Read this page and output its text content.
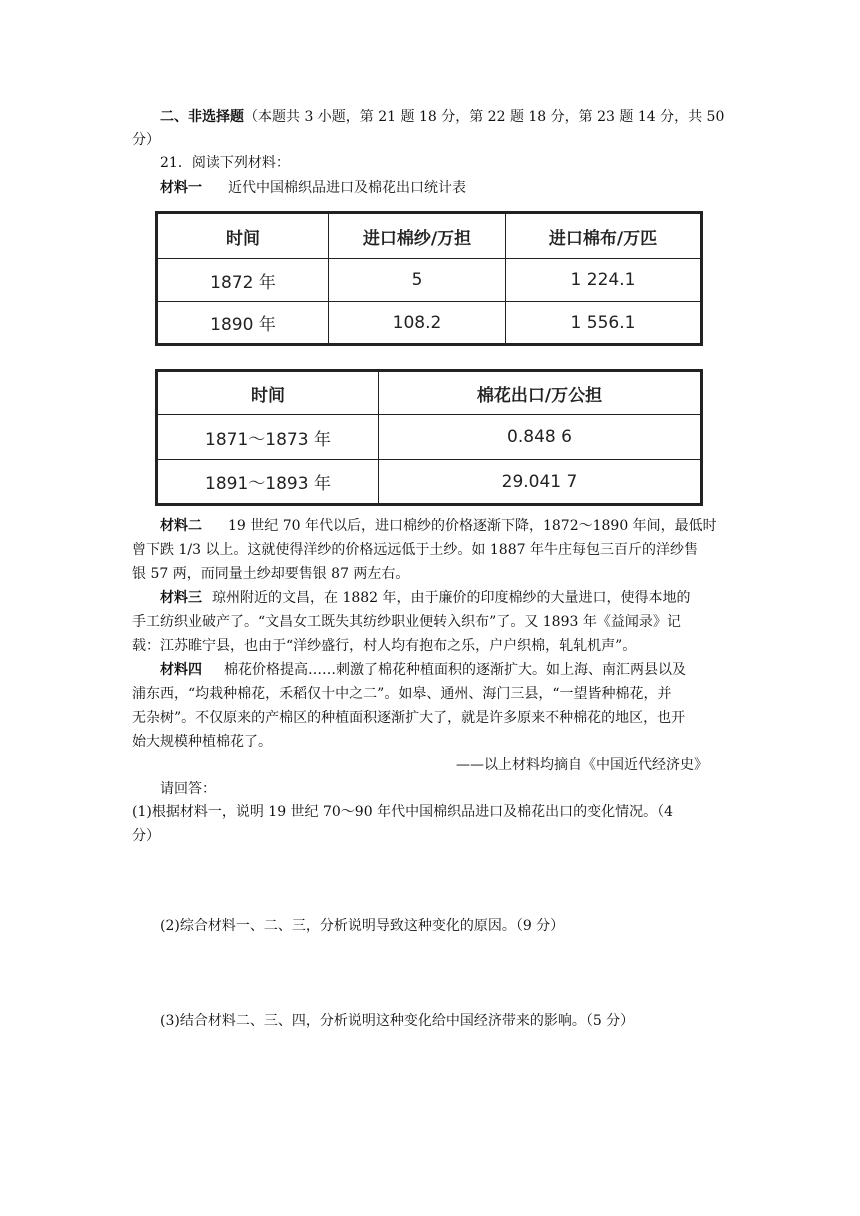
二、非选择题（本题共 3 小题，第 21 题 18 分，第 22 题 18 分，第 23 题 14 分，共 50
分）
21．阅读下列材料：
材料一 近代中国棉织品进口及棉花出口统计表
时间	进口棉纱/万担	进口棉布/万匹
1872 年	5	1 224.1
1890 年	108.2	1 556.1
时间	棉花出口/万公担
1871～1873 年	0.848 6
1891～1893 年	29.041 7
材料二 19 世纪 70 年代以后，进口棉纱的价格逐渐下降，1872～1890 年间，最低时
曾下跌 1/3 以上。这就使得洋纱的价格远远低于土纱。如 1887 年牛庄每包三百斤的洋纱售
银 57 两，而同量土纱却要售银 87 两左右。
材料三 琼州附近的文昌，在 1882 年，由于廉价的印度棉纱的大量进口，使得本地的
手工纺织业破产了。“文昌女工既失其纺纱职业便转入织布”了。又 1893 年《益闻录》记
载：江苏睢宁县，也由于“洋纱盛行，村人均有抱布之乐，户户织棉，轧轧机声”。
材料四 棉花价格提高……刺激了棉花种植面积的逐渐扩大。如上海、南汇两县以及
浦东西，“均栽种棉花，禾稻仅十中之二”。如皋、通州、海门三县，“一望皆种棉花，并
无杂树”。不仅原来的产棉区的种植面积逐渐扩大了，就是许多原来不种棉花的地区，也开
始大规模种植棉花了。
——以上材料均摘自《中国近代经济史》
请回答：
(1)根据材料一，说明 19 世纪 70～90 年代中国棉织品进口及棉花出口的变化情况。（4
分）
(2)综合材料一、二、三，分析说明导致这种变化的原因。（9 分）
(3)结合材料二、三、四，分析说明这种变化给中国经济带来的影响。（5 分）
